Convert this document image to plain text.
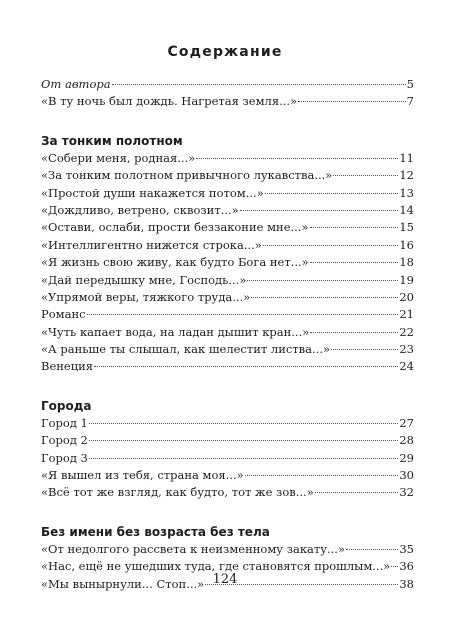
Содержание
От автора	5
«В ту ночь был дождь. Нагретая земля...»	7
За тонким полотном
«Собери меня, родная...»	11
«За тонким полотном привычного лукавства...»	12
«Простой души накажется потом...»	13
«Дождливо, ветрено, сквозит...»	14
«Остави, ослаби, прости беззаконие мне...»	15
«Интеллигентно нижется строка...»	16
«Я жизнь свою живу, как будто Бога нет...»	18
«Дай передышку мне, Господь...»	19
«Упрямой веры, тяжкого труда...»	20
Романс	21
«Чуть капает вода, на ладан дышит кран...»	22
«А раньше ты слышал, как шелестит листва...»	23
Венеция	24
Города
Город 1	27
Город 2	28
Город 3	29
«Я вышел из тебя, страна моя...»	30
«Всё тот же взгляд, как будто, тот же зов...»	32
Без имени без возраста без тела
«От недолгого рассвета к неизменному закату...»	35
«Нас, ещё не ушедших туда, где становятся прошлым...» 36
«Мы вынырнули... Стоп...»	38
124
